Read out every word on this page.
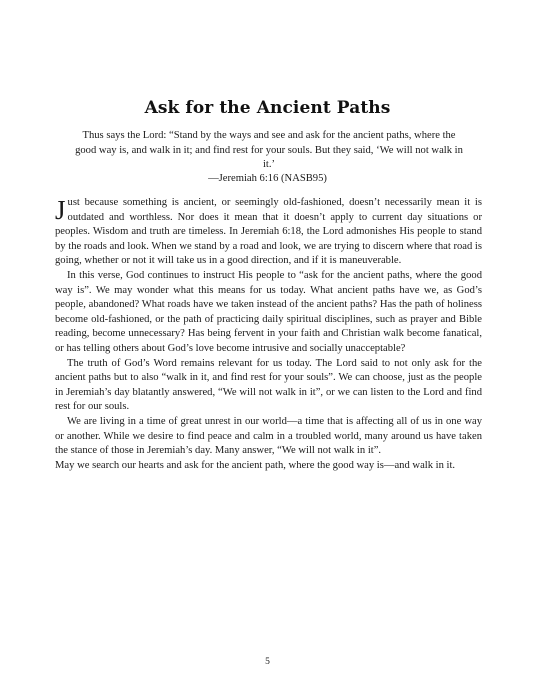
Ask for the Ancient Paths
Thus says the Lord: “Stand by the ways and see and ask for the ancient paths, where the good way is, and walk in it; and find rest for your souls. But they said, ‘We will not walk in it.’
—Jeremiah 6:16 (NASB95)

Just because something is ancient, or seemingly old-fashioned, doesn’t necessarily mean it is outdated and worthless. Nor does it mean that it doesn’t apply to current day situations or peoples. Wisdom and truth are timeless. In Jeremiah 6:18, the Lord admonishes His people to stand by the roads and look. When we stand by a road and look, we are trying to discern where that road is going, whether or not it will take us in a good direction, and if it is maneuverable.

In this verse, God continues to instruct His people to “ask for the ancient paths, where the good way is”. We may wonder what this means for us today. What ancient paths have we, as God’s people, abandoned? What roads have we taken instead of the ancient paths? Has the path of holiness become old-fashioned, or the path of practicing daily spiritual disciplines, such as prayer and Bible reading, become unnecessary? Has being fervent in your faith and Christian walk become fanatical, or has telling others about God’s love become intrusive and socially unacceptable?

The truth of God’s Word remains relevant for us today. The Lord said to not only ask for the ancient paths but to also “walk in it, and find rest for your souls”. We can choose, just as the people in Jeremiah’s day blatantly answered, “We will not walk in it”, or we can listen to the Lord and find rest for our souls.

We are living in a time of great unrest in our world—a time that is affecting all of us in one way or another. While we desire to find peace and calm in a troubled world, many around us have taken the stance of those in Jeremiah’s day. Many answer, “We will not walk in it”.

May we search our hearts and ask for the ancient path, where the good way is—and walk in it.

5
